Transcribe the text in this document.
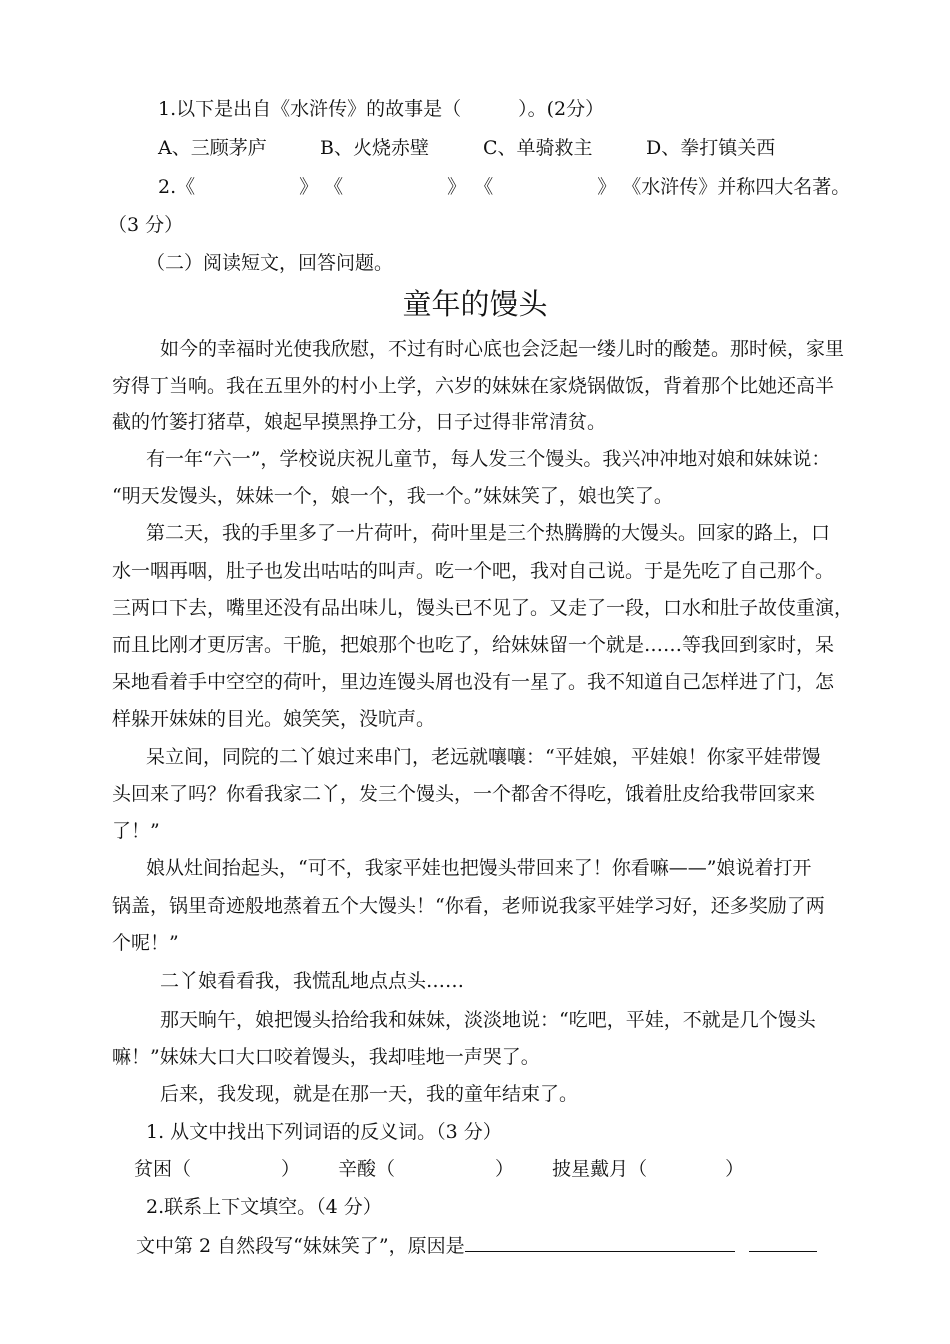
1.以下是出自《水浒传》的故事是（　　　）。(2分）
A、三顾茅庐	B、火烧赤壁	C、单骑救主	D、拳打镇关西
2.《	》 《	》 《	》 《水浒传》并称四大名著。
（3 分）
（二）阅读短文，回答问题。
童年的馒头
如今的幸福时光使我欣慰，不过有时心底也会泛起一缕儿时的酸楚。那时候，家里
穷得丁当响。我在五里外的村小上学，六岁的妹妹在家烧锅做饭，背着那个比她还高半
截的竹篓打猪草，娘起早摸黑挣工分，日子过得非常清贫。
有一年“六一”，学校说庆祝儿童节，每人发三个馒头。我兴冲冲地对娘和妹妹说：
“明天发馒头，妹妹一个，娘一个，我一个。”妹妹笑了，娘也笑了。
第二天，我的手里多了一片荷叶，荷叶里是三个热腾腾的大馒头。回家的路上，口
水一咽再咽，肚子也发出咕咕的叫声。吃一个吧，我对自己说。于是先吃了自己那个。
三两口下去，嘴里还没有品出味儿，馒头已不见了。又走了一段，口水和肚子故伎重演，
而且比刚才更厉害。干脆，把娘那个也吃了，给妹妹留一个就是……等我回到家时，呆
呆地看着手中空空的荷叶，里边连馒头屑也没有一星了。我不知道自己怎样进了门，怎
样躲开妹妹的目光。娘笑笑，没吭声。
呆立间，同院的二丫娘过来串门，老远就嚷嚷：“平娃娘，平娃娘！你家平娃带馒
头回来了吗？你看我家二丫，发三个馒头，一个都舍不得吃，饿着肚皮给我带回家来
了！”
娘从灶间抬起头，“可不，我家平娃也把馒头带回来了！你看嘛——”娘说着打开
锅盖，锅里奇迹般地蒸着五个大馒头！“你看，老师说我家平娃学习好，还多奖励了两
个呢！”
二丫娘看看我，我慌乱地点点头……
那天晌午，娘把馒头拾给我和妹妹，淡淡地说：“吃吧，平娃，不就是几个馒头
嘛！”妹妹大口大口咬着馒头，我却哇地一声哭了。
后来，我发现，就是在那一天，我的童年结束了。
1. 从文中找出下列词语的反义词。（3 分）
贫困（	） 辛酸（	） 披星戴月（	）
2.联系上下文填空。（4 分）
文中第 2 自然段写“妹妹笑了”，原因是
